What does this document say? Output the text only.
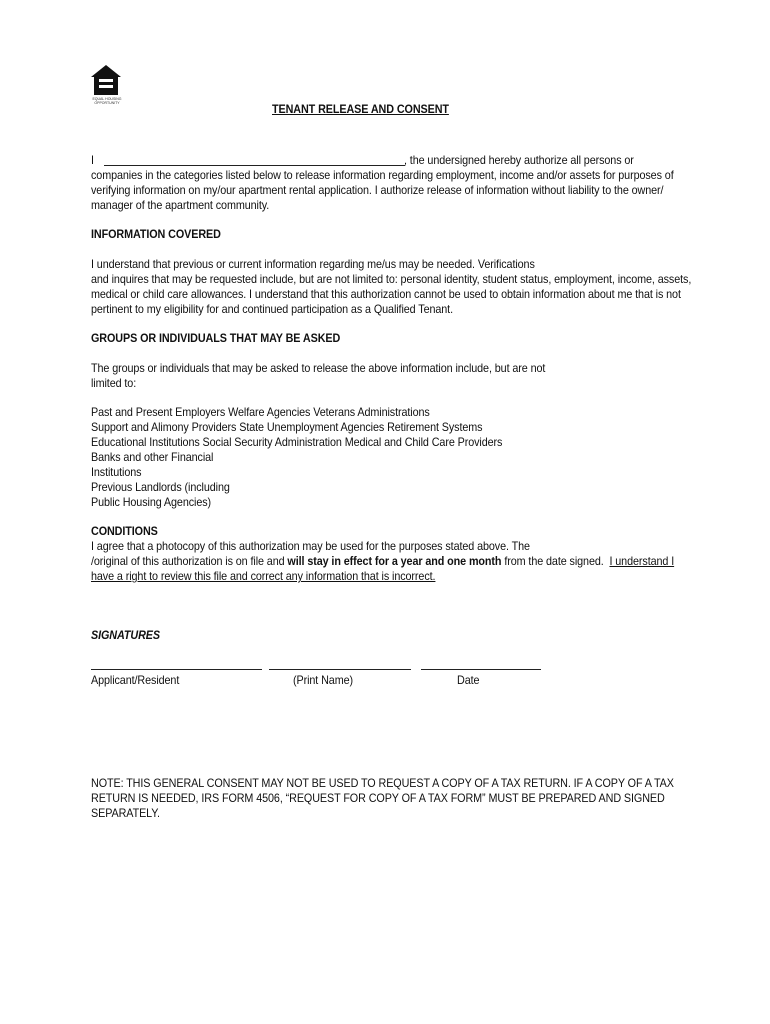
EQUAL HOUSING OPPORTUNITY	TENANT RELEASE AND CONSENT
I	, the undersigned hereby authorize all persons or
companies in the categories listed below to release information regarding employment, income and/or assets for purposes of
verifying information on my/our apartment rental application. I authorize release of information without liability to the owner/
manager of the apartment community.
INFORMATION COVERED
I understand that previous or current information regarding me/us may be needed. Verifications
and inquires that may be requested include, but are not limited to: personal identity, student status, employment, income, assets,
medical or child care allowances. I understand that this authorization cannot be used to obtain information about me that is not
pertinent to my eligibility for and continued participation as a Qualified Tenant.
GROUPS OR INDIVIDUALS THAT MAY BE ASKED
The groups or individuals that may be asked to release the above information include, but are not
limited to:
Past and Present Employers Welfare Agencies Veterans Administrations
Support and Alimony Providers State Unemployment Agencies Retirement Systems
Educational Institutions Social Security Administration Medical and Child Care Providers
Banks and other Financial
Institutions
Previous Landlords (including
Public Housing Agencies)
CONDITIONS
I agree that a photocopy of this authorization may be used for the purposes stated above. The
/original of this authorization is on file and will stay in effect for a year and one month from the date signed.  I understand I
have a right to review this file and correct any information that is incorrect.
SIGNATURES
Applicant/Resident	(Print Name)	Date
NOTE: THIS GENERAL CONSENT MAY NOT BE USED TO REQUEST A COPY OF A TAX RETURN. IF A COPY OF A TAX
RETURN IS NEEDED, IRS FORM 4506, “REQUEST FOR COPY OF A TAX FORM” MUST BE PREPARED AND SIGNED
SEPARATELY.
